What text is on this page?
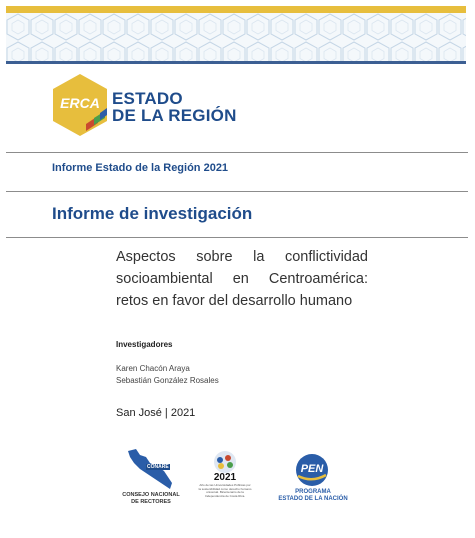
ERCA ESTADO
DE LA REGIÓN
Informe Estado de la Región 2021
Informe de investigación
Aspectos sobre la conflictividad socioambiental en Centroamérica: retos en favor del desarrollo humano
Investigadores
Karen Chacón Araya
Sebastián González Rosales
San José | 2021
CONARE
CONSEJO NACIONAL DE RECTORES
2021
Año de las Universidades Públicas por la sostenibilidad como derecho humano universal. Bicentenario de la Independencia de Costa Rica.
PEN
PROGRAMA
ESTADO DE LA NACIÓN
